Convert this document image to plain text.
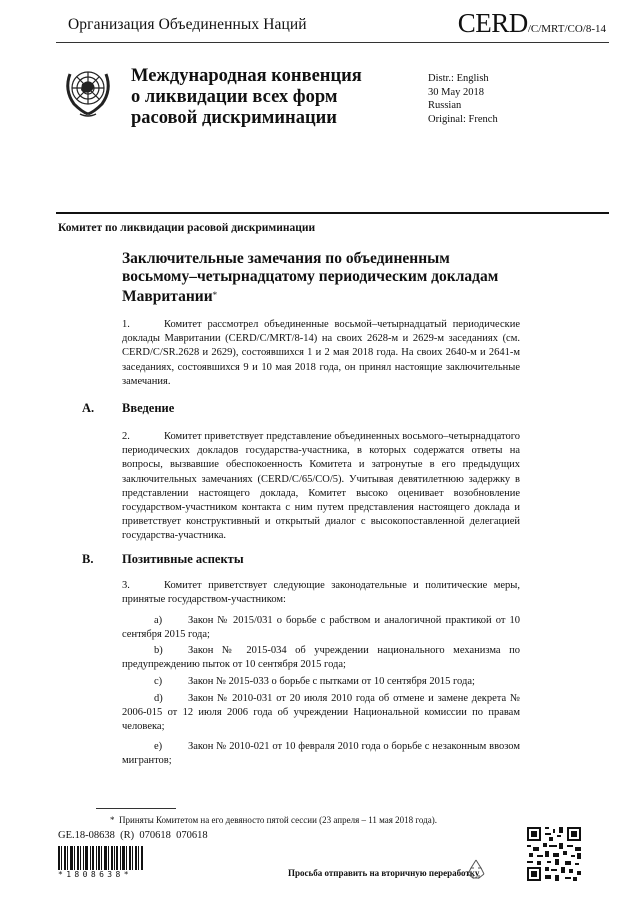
Организация Объединенных Наций	CERD/C/MRT/CO/8-14
Международная конвенция
о ликвидации всех форм
расовой дискриминации
Distr.: English
30 May 2018
Russian
Original: French
Комитет по ликвидации расовой дискриминации
Заключительные замечания по объединенным
восьмому–четырнадцатому периодическим докладам
Мавритании*
1.	Комитет рассмотрел объединенные восьмой–четырнадцатый периодические доклады Мавритании (CERD/C/MRT/8-14) на своих 2628-м и 2629-м заседаниях (см. CERD/C/SR.2628 и 2629), состоявшихся 1 и 2 мая 2018 года. На своих 2640-м и 2641-м заседаниях, состоявшихся 9 и 10 мая 2018 года, он принял настоящие заключительные замечания.
A. Введение
2.	Комитет приветствует представление объединенных восьмого–четырнадцатого периодических докладов государства-участника, в которых содержатся ответы на вопросы, вызвавшие обеспокоенность Комитета и затронутые в его предыдущих заключительных замечаниях (CERD/C/65/CO/5). Учитывая девятилетнюю задержку в представлении настоящего доклада, Комитет высоко оценивает возобновление государством-участником контакта с ним путем представления настоящего доклада и приветствует конструктивный и открытый диалог с высокопоставленной делегацией государства-участника.
B. Позитивные аспекты
3.	Комитет приветствует следующие законодательные и политические меры, принятые государством-участником:
a) Закон № 2015/031 о борьбе с рабством и аналогичной практикой от 10 сентября 2015 года;
b) Закон № 2015-034 об учреждении национального механизма по предупреждению пыток от 10 сентября 2015 года;
c) Закон № 2015-033 о борьбе с пытками от 10 сентября 2015 года;
d) Закон № 2010-031 от 20 июля 2010 года об отмене и замене декрета № 2006-015 от 12 июля 2006 года об учреждении Национальной комиссии по правам человека;
e) Закон № 2010-021 от 10 февраля 2010 года о борьбе с незаконным ввозом мигрантов;
* Приняты Комитетом на его девяносто пятой сессии (23 апреля – 11 мая 2018 года).
GE.18-08638  (R)  070618  070618
*1808638*	Просьба отправить на вторичную переработку
